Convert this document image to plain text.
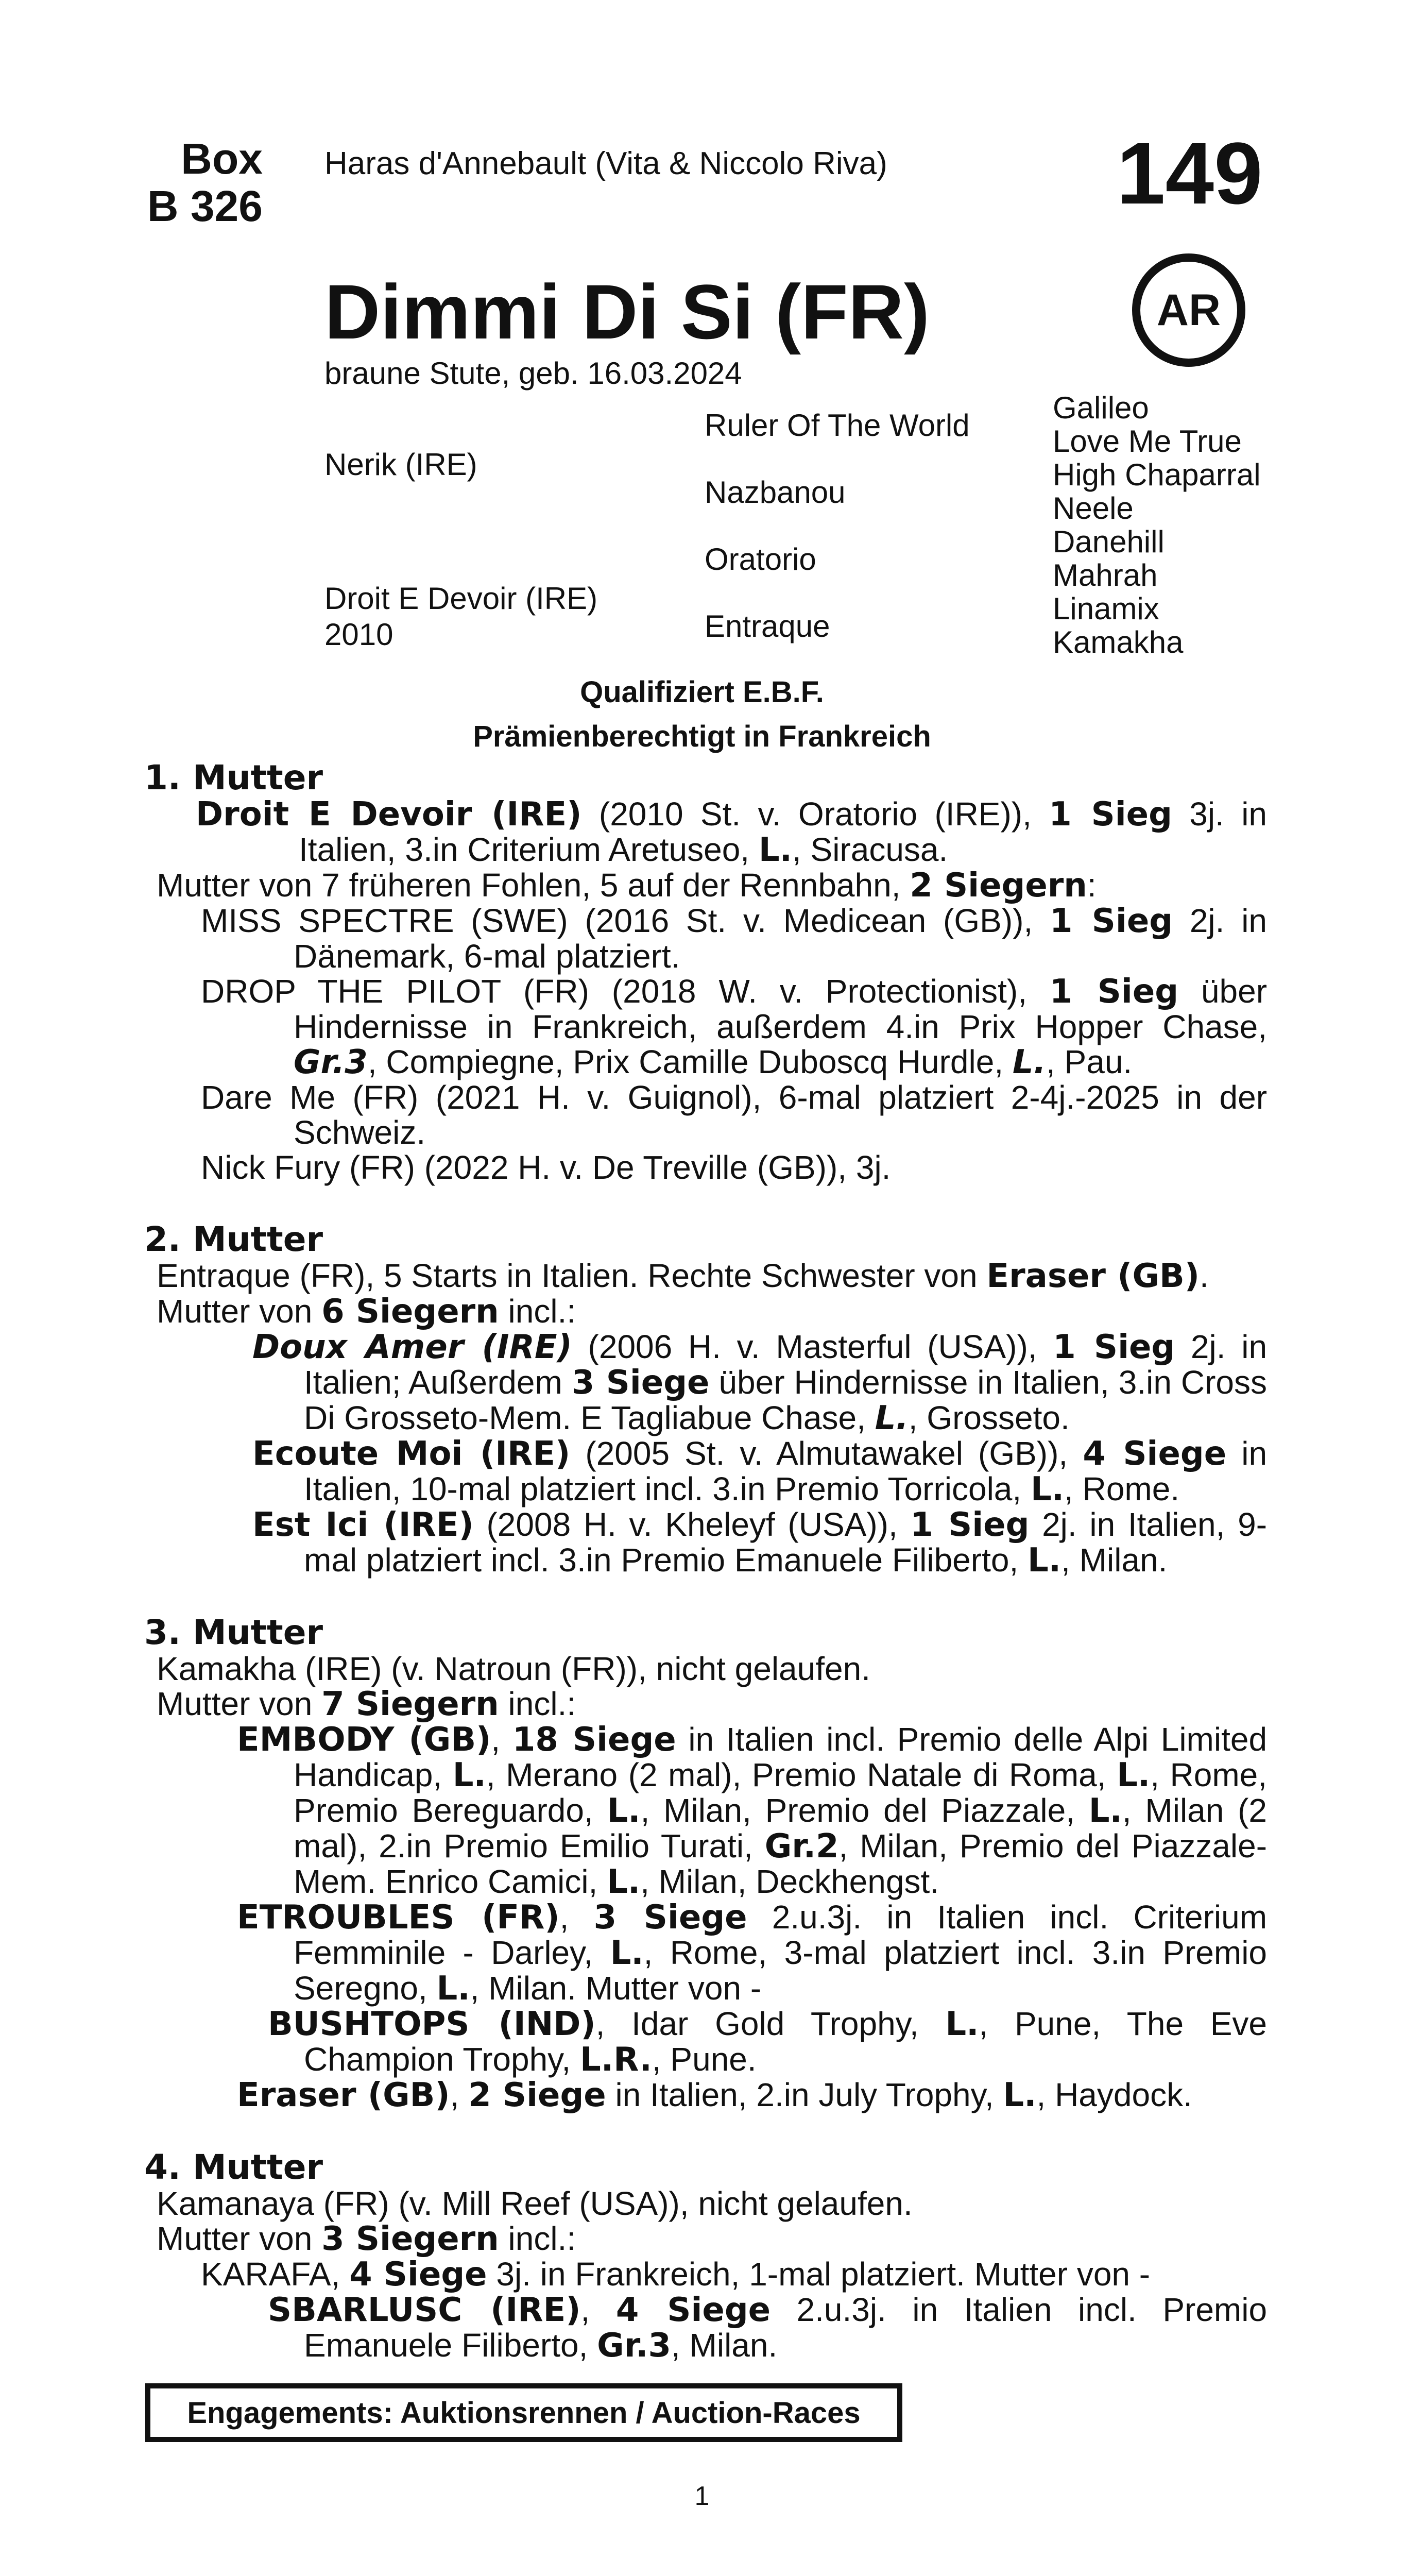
Box
B 326
Haras d'Annebault (Vita & Niccolo Riva)	149
AR
Dimmi Di Si (FR)
braune Stute, geb. 16.03.2024
Nerik (IRE)
Droit E Devoir (IRE)
2010
Ruler Of The World
Nazbanou
Oratorio
Entraque
Galileo
Love Me True
High Chaparral
Neele
Danehill
Mahrah
Linamix
Kamakha
Qualifiziert E.B.F.
Prämienberechtigt in Frankreich
1. Mutter

Droit E Devoir (IRE) (2010 St. v. Oratorio (IRE)), 1 Sieg 3j. in Italien, 3.in Criterium Aretuseo, L., Siracusa.

Mutter von 7 früheren Fohlen, 5 auf der Rennbahn, 2 Siegern:

MISS SPECTRE (SWE) (2016 St. v. Medicean (GB)), 1 Sieg 2j. in Dänemark, 6-mal platziert.

DROP THE PILOT (FR) (2018 W. v. Protectionist), 1 Sieg über Hindernisse in Frankreich, außerdem 4.in Prix Hopper Chase, Gr.3, Compiegne, Prix Camille Duboscq Hurdle, L., Pau.

Dare Me (FR) (2021 H. v. Guignol), 6-mal platziert 2-4j.-2025 in der Schweiz.

Nick Fury (FR) (2022 H. v. De Treville (GB)), 3j.

2. Mutter

Entraque (FR), 5 Starts in Italien. Rechte Schwester von Eraser (GB).

Mutter von 6 Siegern incl.:

Doux Amer (IRE) (2006 H. v. Masterful (USA)), 1 Sieg 2j. in Italien; Außerdem 3 Siege über Hindernisse in Italien, 3.in Cross Di Grosseto-Mem. E Tagliabue Chase, L., Grosseto.

Ecoute Moi (IRE) (2005 St. v. Almutawakel (GB)), 4 Siege in Italien, 10-mal platziert incl. 3.in Premio Torricola, L., Rome.

Est Ici (IRE) (2008 H. v. Kheleyf (USA)), 1 Sieg 2j. in Italien, 9-mal platziert incl. 3.in Premio Emanuele Filiberto, L., Milan.

3. Mutter

Kamakha (IRE) (v. Natroun (FR)), nicht gelaufen.

Mutter von 7 Siegern incl.:

EMBODY (GB), 18 Siege in Italien incl. Premio delle Alpi Limited Handicap, L., Merano (2 mal), Premio Natale di Roma, L., Rome, Premio Bereguardo, L., Milan, Premio del Piazzale, L., Milan (2 mal), 2.in Premio Emilio Turati, Gr.2, Milan, Premio del Piazzale-Mem. Enrico Camici, L., Milan, Deckhengst.

ETROUBLES (FR), 3 Siege 2.u.3j. in Italien incl. Criterium Femminile - Darley, L., Rome, 3-mal platziert incl. 3.in Premio Seregno, L., Milan. Mutter von -

BUSHTOPS (IND), Idar Gold Trophy, L., Pune, The Eve Champion Trophy, L.R., Pune.

Eraser (GB), 2 Siege in Italien, 2.in July Trophy, L., Haydock.

4. Mutter

Kamanaya (FR) (v. Mill Reef (USA)), nicht gelaufen.

Mutter von 3 Siegern incl.:

KARAFA, 4 Siege 3j. in Frankreich, 1-mal platziert. Mutter von -

SBARLUSC (IRE), 4 Siege 2.u.3j. in Italien incl. Premio Emanuele Filiberto, Gr.3, Milan.

Engagements: Auktionsrennen / Auction-Races
1
